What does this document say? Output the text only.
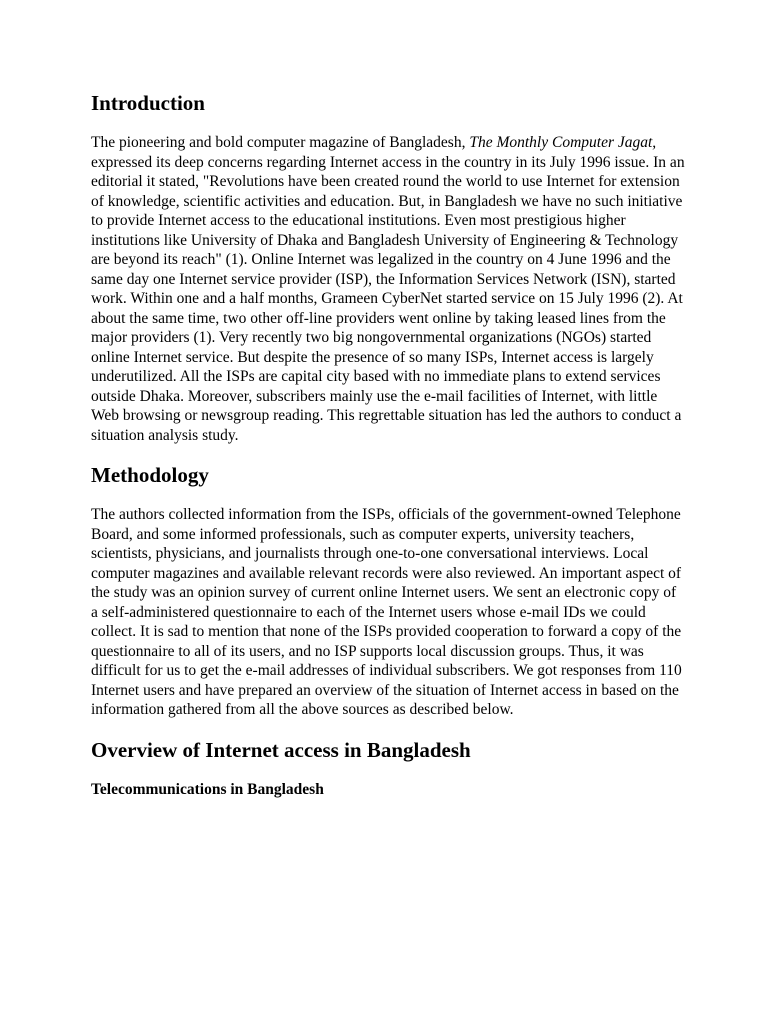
Introduction

The pioneering and bold computer magazine of Bangladesh, The Monthly Computer Jagat, expressed its deep concerns regarding Internet access in the country in its July 1996 issue. In an editorial it stated, "Revolutions have been created round the world to use Internet for extension of knowledge, scientific activities and education. But, in Bangladesh we have no such initiative to provide Internet access to the educational institutions. Even most prestigious higher institutions like University of Dhaka and Bangladesh University of Engineering & Technology are beyond its reach" (1). Online Internet was legalized in the country on 4 June 1996 and the same day one Internet service provider (ISP), the Information Services Network (ISN), started work. Within one and a half months, Grameen CyberNet started service on 15 July 1996 (2). At about the same time, two other off-line providers went online by taking leased lines from the major providers (1). Very recently two big nongovernmental organizations (NGOs) started online Internet service. But despite the presence of so many ISPs, Internet access is largely underutilized. All the ISPs are capital city based with no immediate plans to extend services outside Dhaka. Moreover, subscribers mainly use the e-mail facilities of Internet, with little Web browsing or newsgroup reading. This regrettable situation has led the authors to conduct a situation analysis study.

Methodology

The authors collected information from the ISPs, officials of the government-owned Telephone Board, and some informed professionals, such as computer experts, university teachers, scientists, physicians, and journalists through one-to-one conversational interviews. Local computer magazines and available relevant records were also reviewed. An important aspect of the study was an opinion survey of current online Internet users. We sent an electronic copy of a self-administered questionnaire to each of the Internet users whose e-mail IDs we could collect. It is sad to mention that none of the ISPs provided cooperation to forward a copy of the questionnaire to all of its users, and no ISP supports local discussion groups. Thus, it was difficult for us to get the e-mail addresses of individual subscribers. We got responses from 110 Internet users and have prepared an overview of the situation of Internet access in based on the information gathered from all the above sources as described below.

Overview of Internet access in Bangladesh
Telecommunications in Bangladesh
